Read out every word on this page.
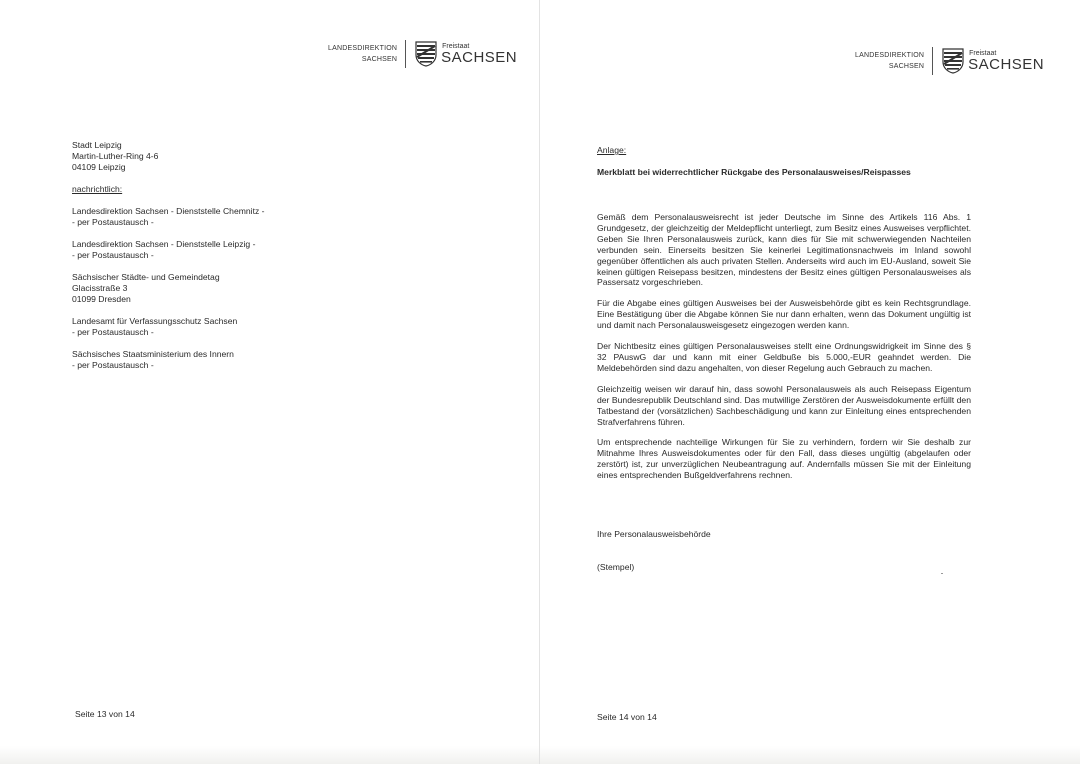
LANDESDIREKTION
SACHSEN
Freistaat
SACHSEN	LANDESDIREKTION
SACHSEN
Freistaat
SACHSEN
Stadt Leipzig
Martin-Luther-Ring 4-6
04109 Leipzig
nachrichtlich:
Landesdirektion Sachsen - Dienststelle Chemnitz -
- per Postaustausch -
Landesdirektion Sachsen - Dienststelle Leipzig -
- per Postaustausch -
Sächsischer Städte- und Gemeindetag
Glacisstraße 3
01099 Dresden
Landesamt für Verfassungsschutz Sachsen
- per Postaustausch -
Sächsisches Staatsministerium des Innern
- per Postaustausch -
Seite 13 von 14
Anlage:
Merkblatt bei widerrechtlicher Rückgabe des Personalausweises/Reispasses
Gemäß dem Personalausweisrecht ist jeder Deutsche im Sinne des Artikels 116 Abs. 1 Grundgesetz, der gleichzeitig der Meldepflicht unterliegt, zum Besitz eines Ausweises verpflichtet. Geben Sie Ihren Personalausweis zurück, kann dies für Sie mit schwerwiegenden Nachteilen verbunden sein. Einerseits besitzen Sie keinerlei Legitimationsnachweis im Inland sowohl gegenüber öffentlichen als auch privaten Stellen. Anderseits wird auch im EU-Ausland, soweit Sie keinen gültigen Reisepass besitzen, mindestens der Besitz eines gültigen Personalausweises als Passersatz vorgeschrieben.
Für die Abgabe eines gültigen Ausweises bei der Ausweisbehörde gibt es kein Rechtsgrundlage. Eine Bestätigung über die Abgabe können Sie nur dann erhalten, wenn das Dokument ungültig ist und damit nach Personalausweisgesetz eingezogen werden kann.
Der Nichtbesitz eines gültigen Personalausweises stellt eine Ordnungswidrigkeit im Sinne des § 32 PAuswG dar und kann mit einer Geldbuße bis 5.000,-EUR geahndet werden. Die Meldebehörden sind dazu angehalten, von dieser Regelung auch Gebrauch zu machen.
Gleichzeitig weisen wir darauf hin, dass sowohl Personalausweis als auch Reisepass Eigentum der Bundesrepublik Deutschland sind. Das mutwillige Zerstören der Ausweisdokumente erfüllt den Tatbestand der (vorsätzlichen) Sachbeschädigung und kann zur Einleitung eines entsprechenden Strafverfahrens führen.
Um entsprechende nachteilige Wirkungen für Sie zu verhindern, fordern wir Sie deshalb zur Mitnahme Ihres Ausweisdokumentes oder für den Fall, dass dieses ungültig (abgelaufen oder zerstört) ist, zur unverzüglichen Neubeantragung auf. Andernfalls müssen Sie mit der Einleitung eines entsprechenden Bußgeldverfahrens rechnen.
Ihre Personalausweisbehörde
(Stempel)
Seite 14 von 14
